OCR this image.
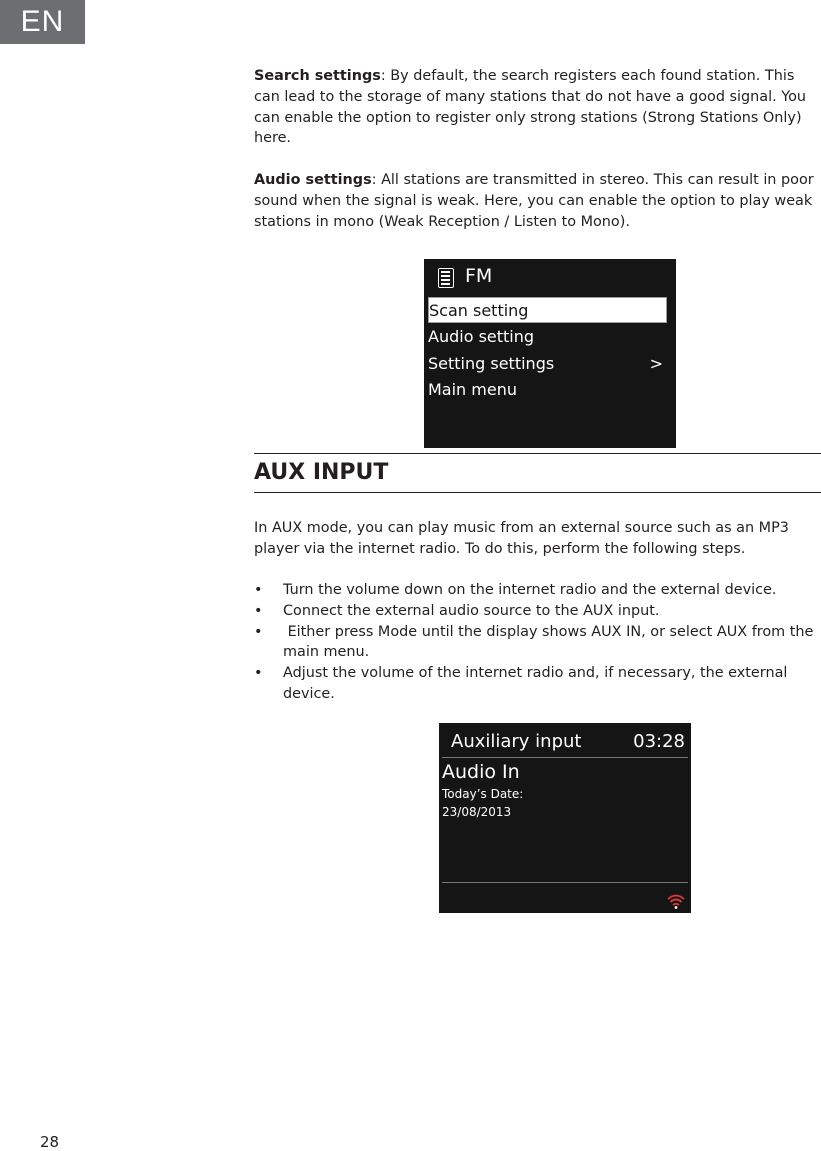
EN

Search settings: By default, the search registers each found station. This can lead to the storage of many stations that do not have a good signal. You can enable the option to register only strong stations (Strong Stations Only) here.

Audio settings: All stations are transmitted in stereo. This can result in poor sound when the signal is weak. Here, you can enable the option to play weak stations in mono (Weak Reception / Listen to Mono).

FM
Scan setting
Audio setting
Setting settings	>
Main menu
AUX INPUT

In AUX mode, you can play music from an external source such as an MP3 player via the internet radio. To do this, perform the following steps.

• Turn the volume down on the internet radio and the external device.
• Connect the external audio source to the AUX input.
• Either press Mode until the display shows AUX IN, or select AUX from the main menu.
• Adjust the volume of the internet radio and, if necessary, the external device.
Auxiliary input	03:28
Audio In
Today’s Date:
23/08/2013
28
